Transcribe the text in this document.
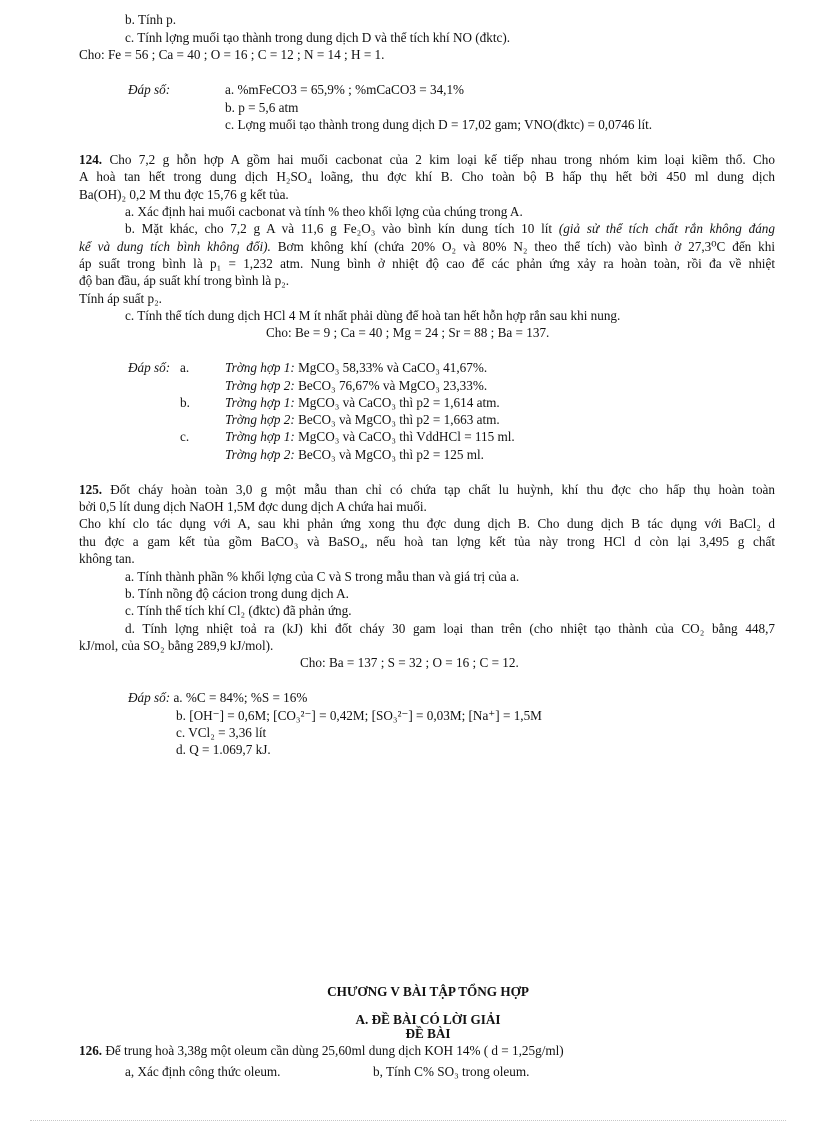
b. Tính p.
c. Tính lợng muối tạo thành trong dung dịch D và thể tích khí NO (đktc).
Cho: Fe = 56 ; Ca = 40 ; O = 16 ; C = 12 ; N = 14 ; H = 1.
Đáp số:	a. %mFeCO3 = 65,9% ; %mCaCO3 = 34,1%
b. p = 5,6 atm
c. Lợng muối tạo thành trong dung dịch D = 17,02 gam; VNO(đktc) = 0,0746 lít.
124. Cho 7,2 g hỗn hợp A gồm hai muối cacbonat của 2 kim loại kế tiếp nhau trong nhóm kim loại kiềm thổ. Cho
A hoà tan hết trong dung dịch H₂SO₄ loãng, thu đợc khí B. Cho toàn bộ B hấp thụ hết bởi 450 ml dung dịch
Ba(OH)₂ 0,2 M thu đợc 15,76 g kết tủa.
a. Xác định hai muối cacbonat và tính % theo khối lợng của chúng trong A.
b. Mặt khác, cho 7,2 g A và 11,6 g Fe₂O₃ vào bình kín dung tích 10 lít (giả sử thể tích chất rắn không đáng
kể và dung tích bình không đổi). Bơm không khí (chứa 20% O₂ và 80% N₂ theo thể tích) vào bình ở 27,3⁰C đến khi
áp suất trong bình là p₁ = 1,232 atm. Nung bình ở nhiệt độ cao để các phản ứng xảy ra hoàn toàn, rồi đa về nhiệt
độ ban đầu, áp suất khí trong bình là p₂.
Tính áp suất p₂.
c. Tính thể tích dung dịch HCl 4 M ít nhất phải dùng để hoà tan hết hỗn hợp rắn sau khi nung.
Cho: Be = 9 ; Ca = 40 ; Mg = 24 ; Sr = 88 ; Ba = 137.
Đáp số: a.	Trờng hợp 1: MgCO₃ 58,33% và CaCO₃ 41,67%.
Trờng hợp 2: BeCO₃ 76,67% và MgCO₃ 23,33%.
b.	Trờng hợp 1: MgCO₃ và CaCO₃ thì p2 = 1,614 atm.
Trờng hợp 2: BeCO₃ và MgCO₃ thì p2 = 1,663 atm.
c.	Trờng hợp 1: MgCO₃ và CaCO₃ thì VddHCl = 115 ml.
Trờng hợp 2: BeCO₃ và MgCO₃ thì p2 = 125 ml.
125. Đốt cháy hoàn toàn 3,0 g một mẫu than chỉ có chứa tạp chất lu huỳnh, khí thu đợc cho hấp thụ hoàn toàn
bởi 0,5 lít dung dịch NaOH 1,5M đợc dung dịch A chứa hai muối.
Cho khí clo tác dụng với A, sau khi phản ứng xong thu đợc dung dịch B. Cho dung dịch B tác dụng với BaCl₂ d
thu đợc a gam kết tủa gồm BaCO₃ và BaSO₄, nếu hoà tan lợng kết tủa này trong HCl d còn lại 3,495 g chất
không tan.
a. Tính thành phần % khối lợng của C và S trong mẫu than và giá trị của a.
b. Tính nồng độ cácion trong dung dịch A.
c. Tính thể tích khí Cl₂ (đktc) đã phản ứng.
d. Tính lợng nhiệt toả ra (kJ) khi đốt cháy 30 gam loại than trên (cho nhiệt tạo thành của CO₂ bằng 448,7
kJ/mol, của SO₂ bằng 289,9 kJ/mol).
Cho: Ba = 137 ; S = 32 ; O = 16 ; C = 12.
Đáp số: a. %C = 84%; %S = 16%
b. [OH⁻] = 0,6M; [CO₃²⁻] = 0,42M; [SO₃²⁻] = 0,03M; [Na⁺] = 1,5M
c. VCl₂ = 3,36 lít
d. Q = 1.069,7 kJ.
CHƯƠNG V BÀI TẬP TỔNG HỢP
A. ĐỀ BÀI CÓ LỜI GIẢI
ĐỀ BÀI
126. Để trung hoà 3,38g một oleum cần dùng 25,60ml dung dịch KOH 14% ( d = 1,25g/ml)
a, Xác định công thức oleum.	b, Tính C% SO₃ trong oleum.
